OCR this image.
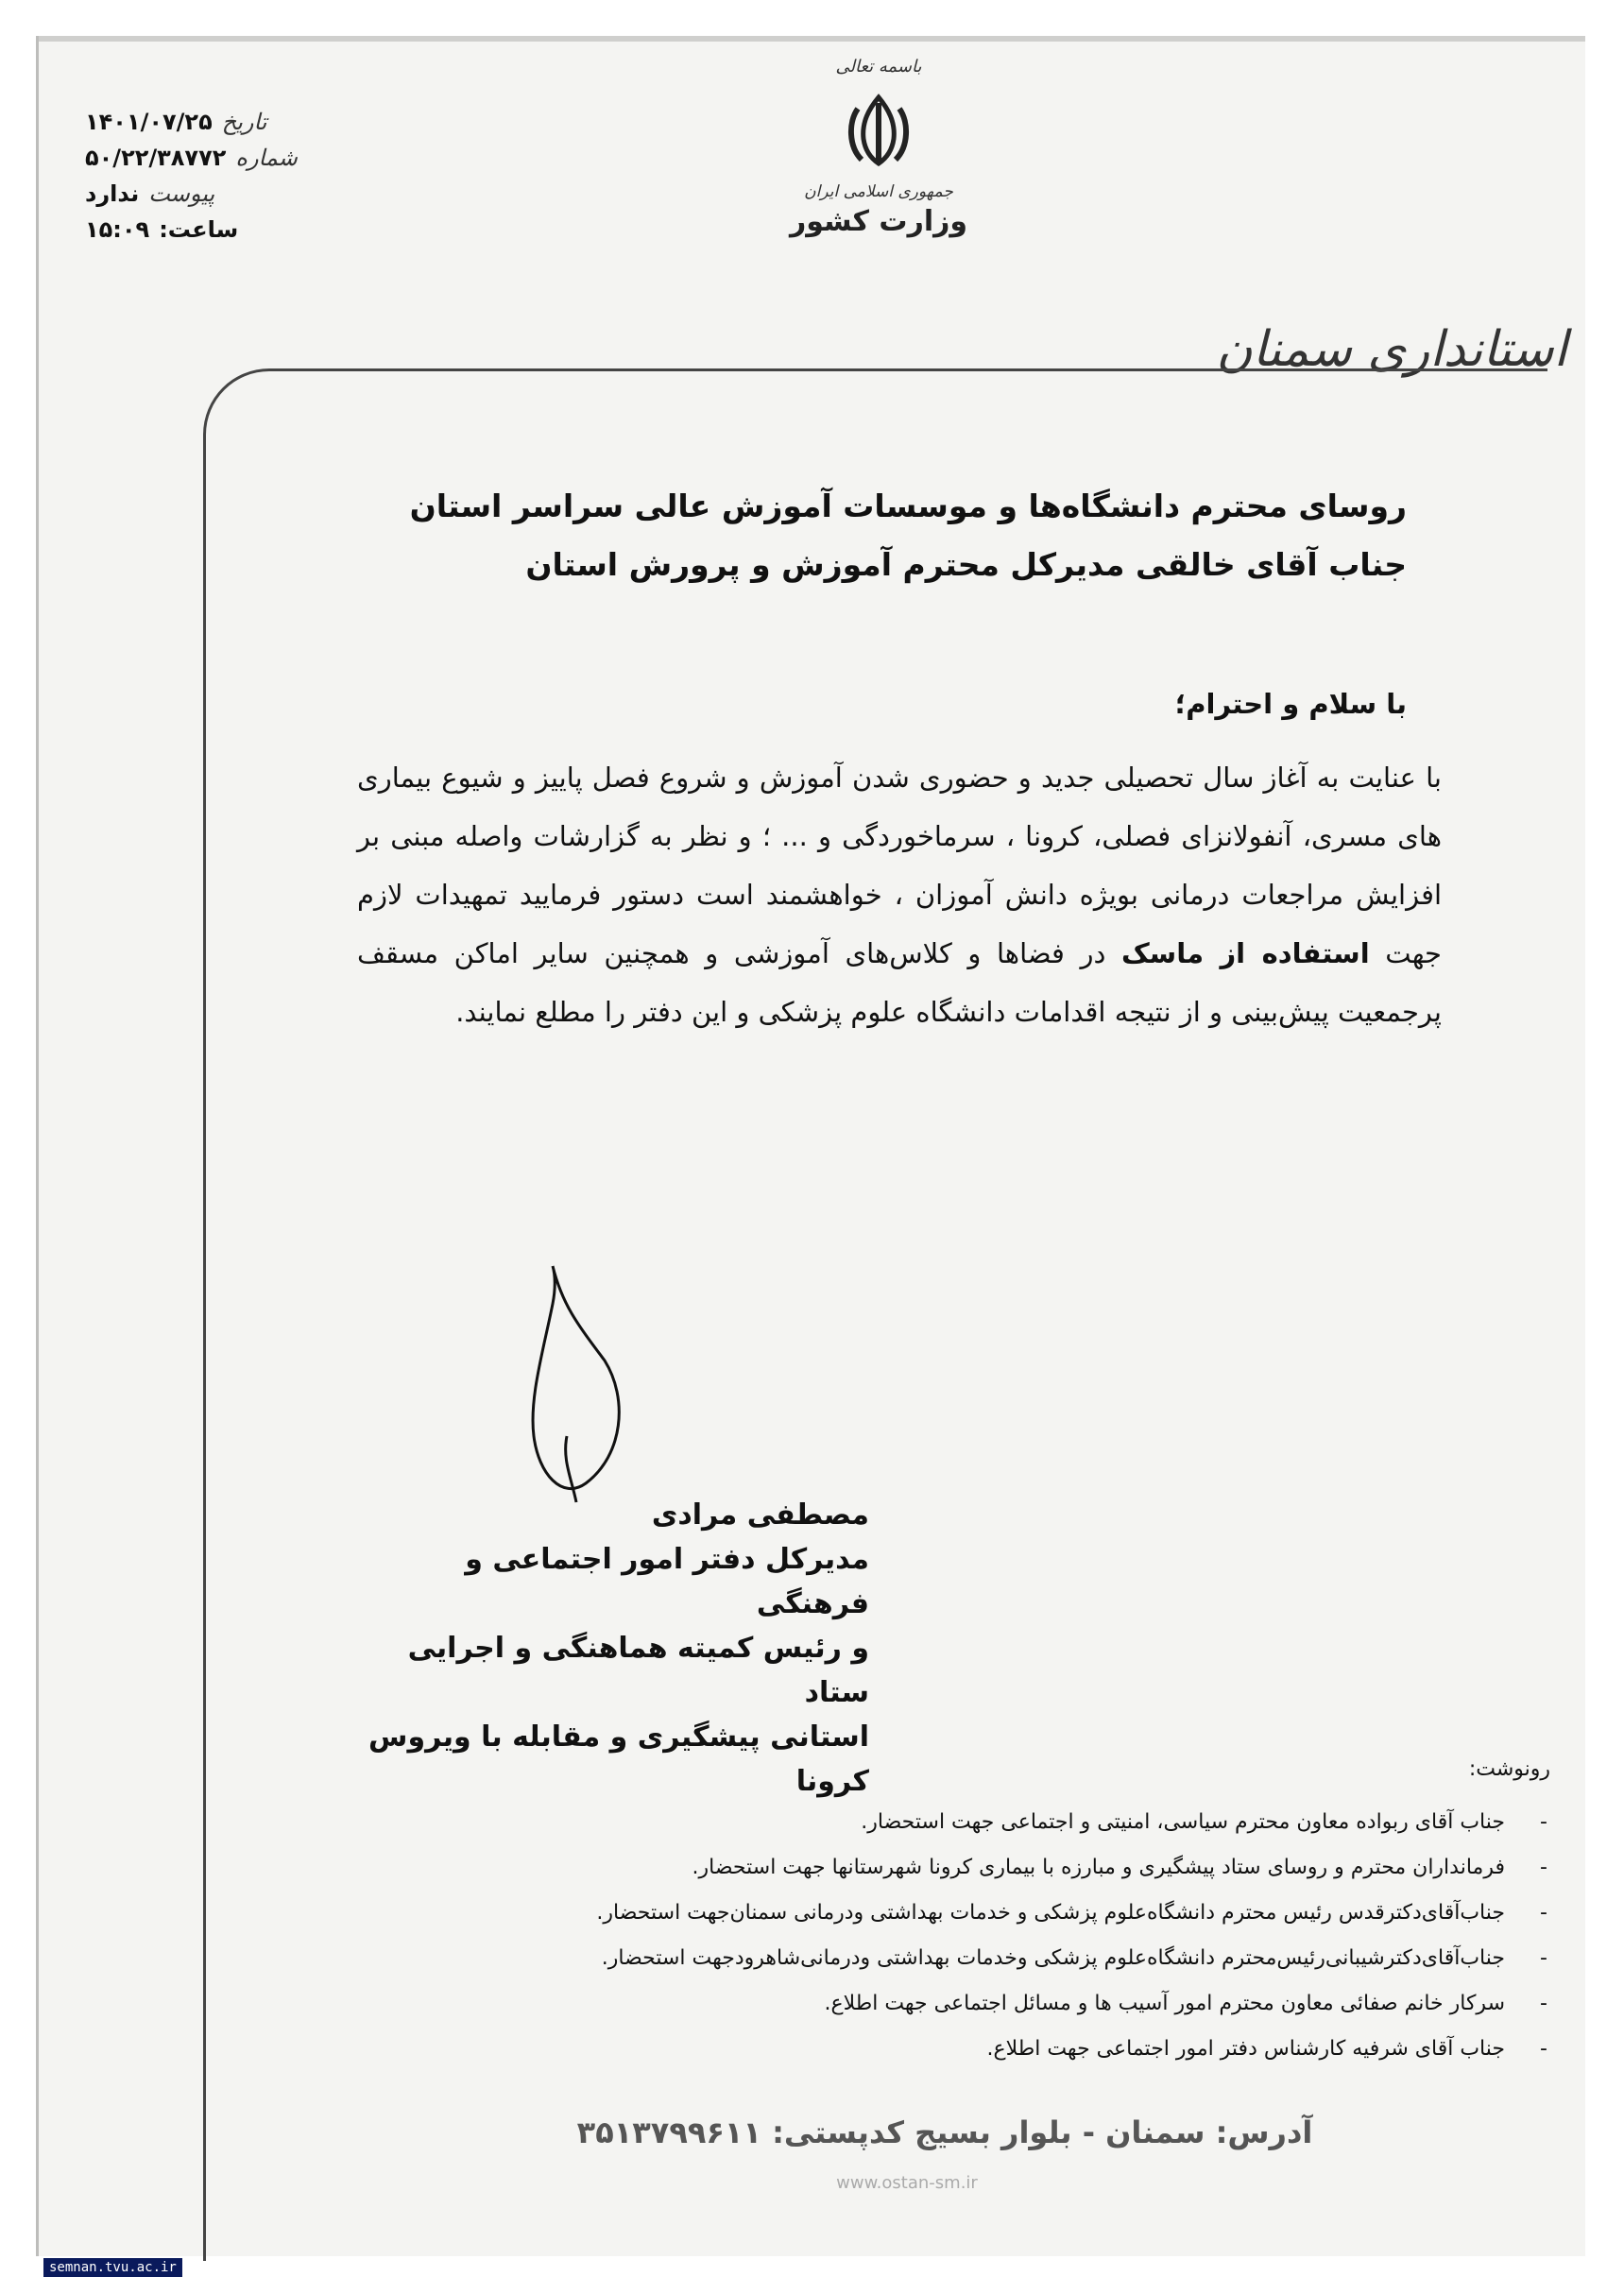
تاریخ
۱۴۰۱/۰۷/۲۵
شماره
۵۰/۲۲/۳۸۷۷۲
پیوست
ندارد
ساعت:
۱۵:۰۹
باسمه تعالی
جمهوری اسلامی ایران
وزارت کشور
استانداری سمنان
روسای محترم دانشگاه‌ها و موسسات آموزش عالی سراسر استان
جناب آقای خالقی مدیرکل محترم آموزش و پرورش استان
با سلام و احترام؛
با عنایت به آغاز سال تحصیلی جدید و حضوری شدن آموزش و شروع فصل پاییز و شیوع بیماری های مسری، آنفولانزای فصلی، کرونا ، سرماخوردگی و ... ؛ و نظر به گزارشات واصله مبنی بر افزایش مراجعات درمانی بویژه دانش آموزان ، خواهشمند است دستور فرمایید تمهیدات لازم جهت استفاده از ماسک در فضاها و کلاس‌های آموزشی و همچنین سایر اماکن مسقف پرجمعیت پیش‌بینی و از نتیجه اقدامات دانشگاه علوم پزشکی و این دفتر را مطلع نمایند.
مصطفی مرادی
مدیرکل دفتر امور اجتماعی و فرهنگی
و رئیس کمیته هماهنگی و اجرایی ستاد
استانی پیشگیری و مقابله با ویروس کرونا	رونوشت:
-
جناب آقای ربواده معاون محترم سیاسی، امنیتی و اجتماعی جهت استحضار.
-
فرمانداران محترم و روسای ستاد پیشگیری و مبارزه با بیماری کرونا شهرستانها جهت استحضار.
-
جناب‌آقای‌دکترقدس رئیس محترم دانشگاه‌علوم پزشکی و خدمات بهداشتی ودرمانی سمنان‌جهت استحضار.
-
جناب‌آقای‌دکترشیبانی‌رئیس‌محترم دانشگاه‌علوم پزشکی وخدمات بهداشتی ودرمانی‌شاهرودجهت استحضار.
-
سرکار خانم صفائی معاون محترم امور آسیب ها و مسائل اجتماعی جهت اطلاع.
-
جناب آقای شرفیه کارشناس دفتر امور اجتماعی جهت اطلاع.
آدرس: سمنان - بلوار بسیج کدپستی: ۳۵۱۳۷۹۹۶۱۱
www.ostan-sm.ir
semnan.tvu.ac.ir
